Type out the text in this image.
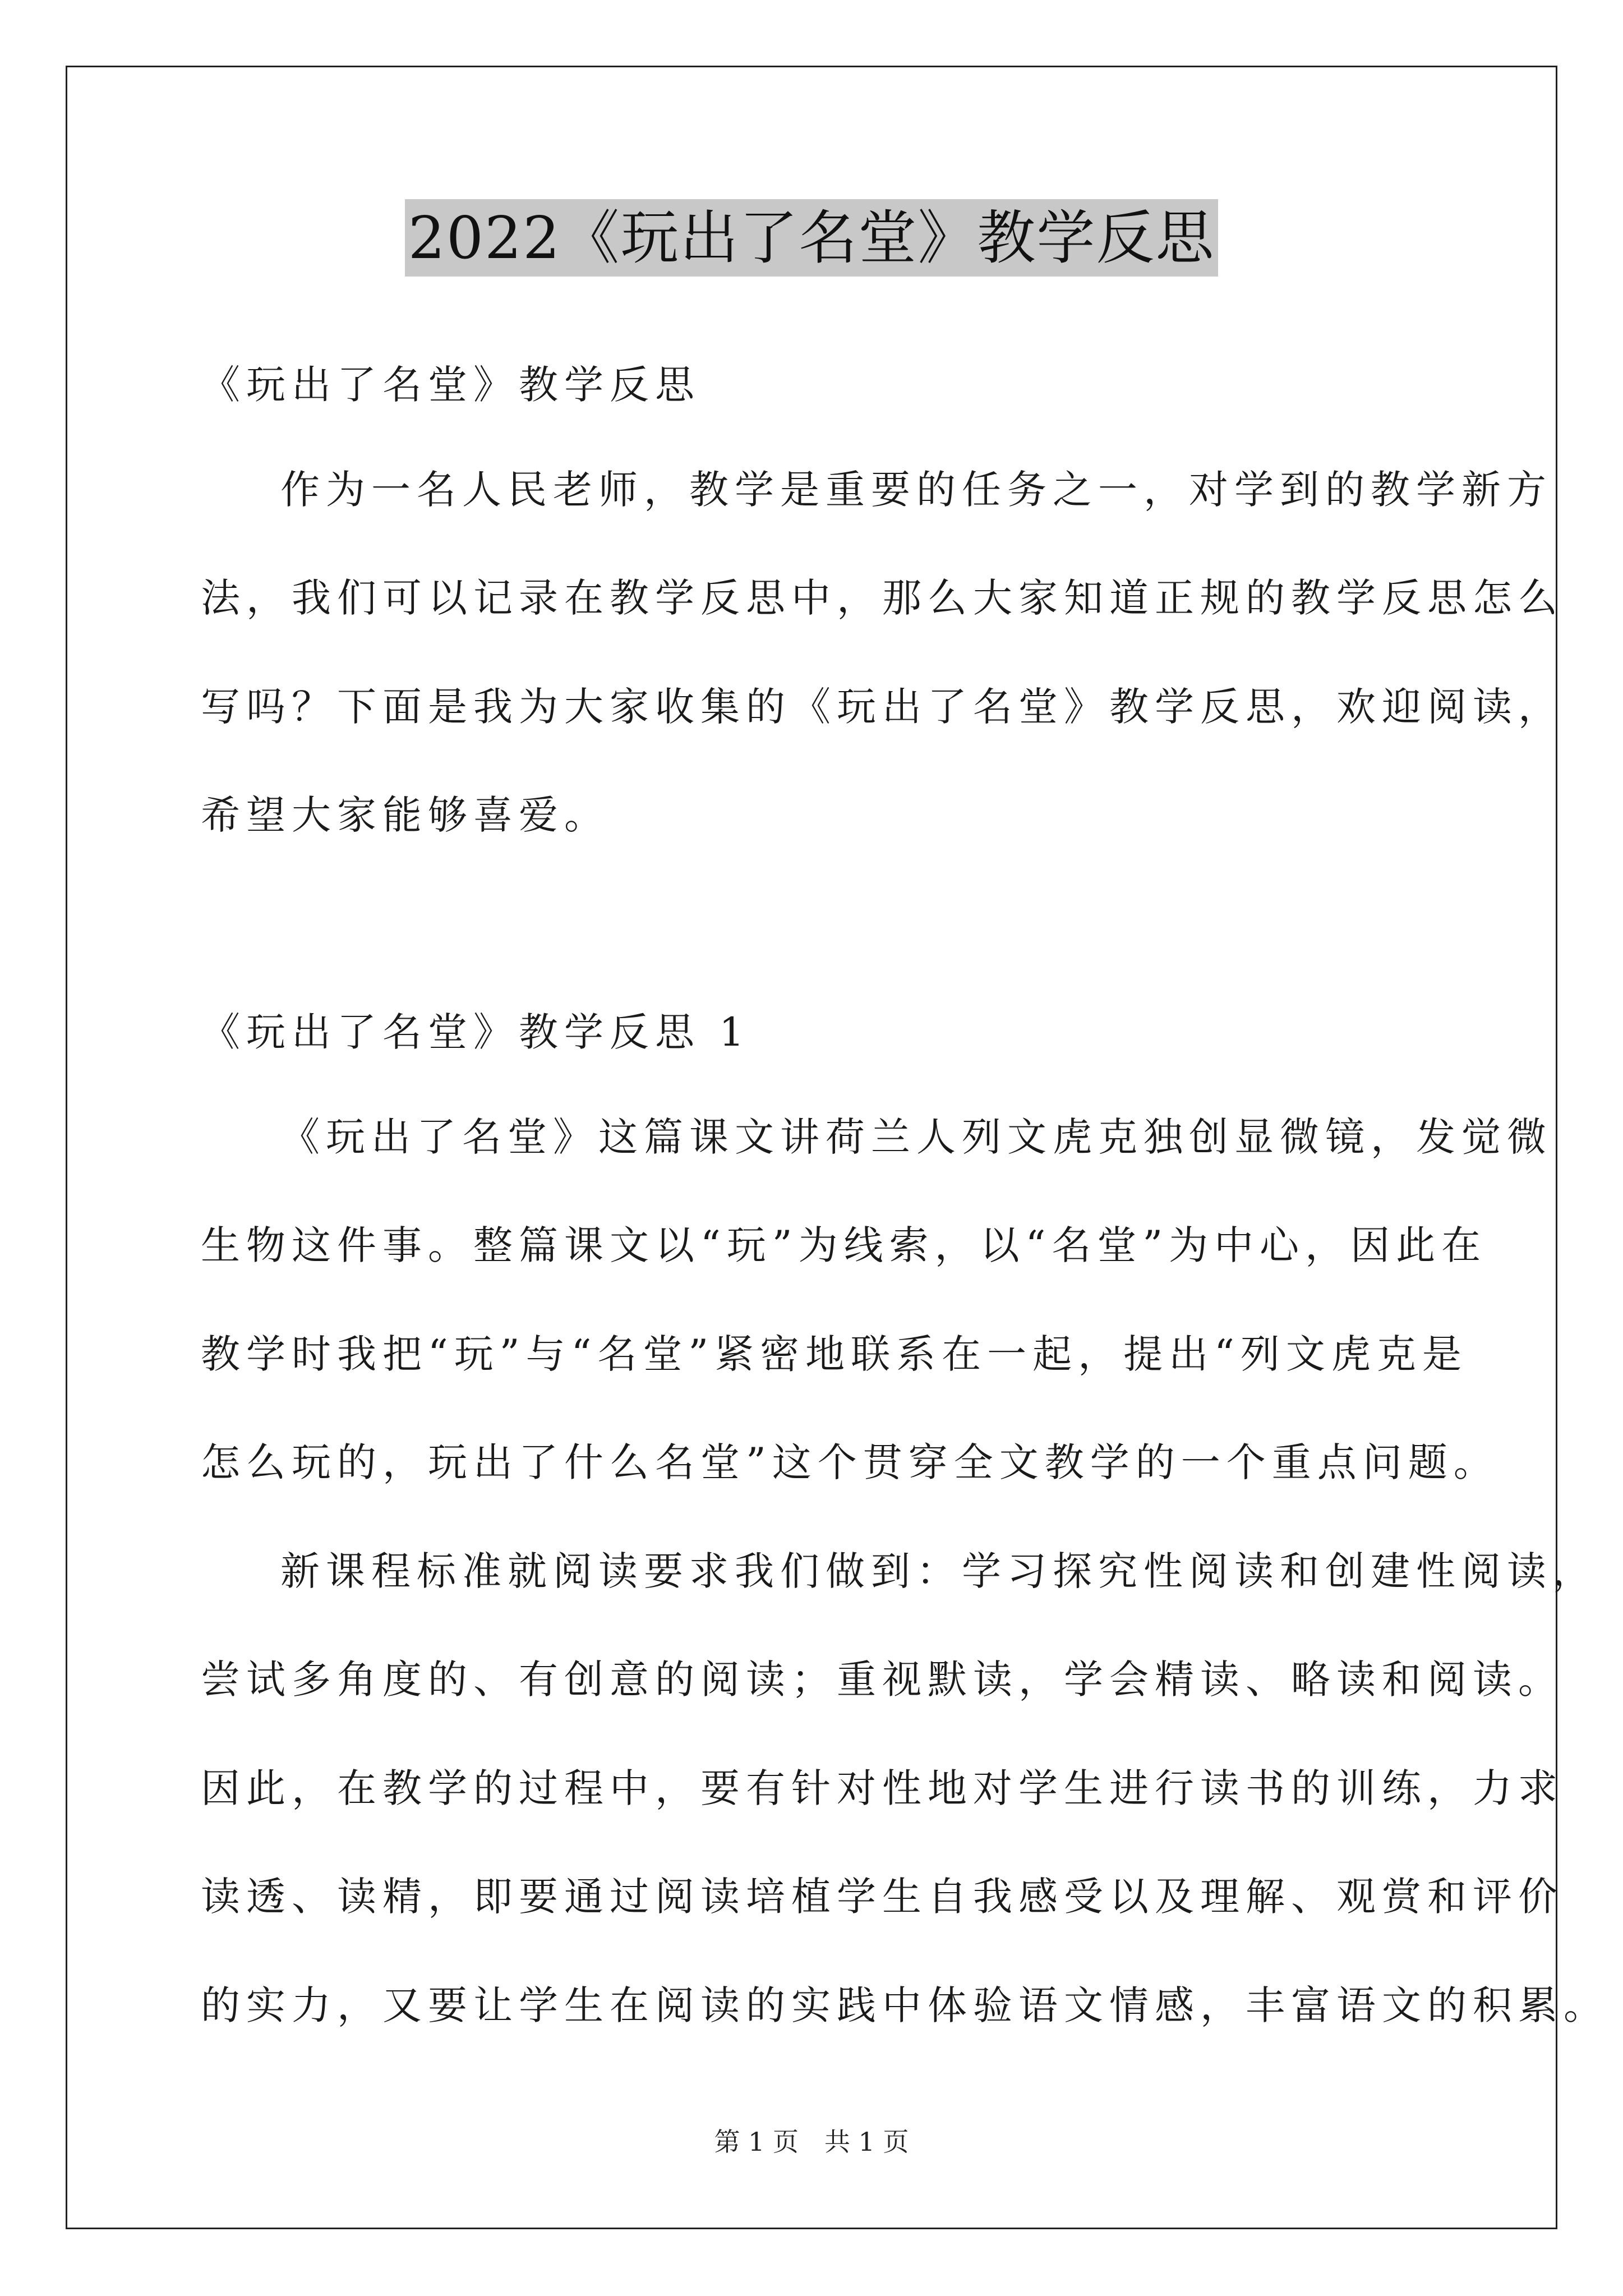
2022《玩出了名堂》教学反思
《玩出了名堂》教学反思
作为一名人民老师，教学是重要的任务之一，对学到的教学新方
法，我们可以记录在教学反思中，那么大家知道正规的教学反思怎么
写吗？下面是我为大家收集的《玩出了名堂》教学反思，欢迎阅读，
希望大家能够喜爱。
《玩出了名堂》教学反思 1
《玩出了名堂》这篇课文讲荷兰人列文虎克独创显微镜，发觉微
生物这件事。整篇课文以“玩”为线索，以“名堂”为中心，因此在
教学时我把“玩”与“名堂”紧密地联系在一起，提出“列文虎克是
怎么玩的，玩出了什么名堂”这个贯穿全文教学的一个重点问题。
新课程标准就阅读要求我们做到：学习探究性阅读和创建性阅读，
尝试多角度的、有创意的阅读；重视默读，学会精读、略读和阅读。
因此，在教学的过程中，要有针对性地对学生进行读书的训练，力求
读透、读精，即要通过阅读培植学生自我感受以及理解、观赏和评价
的实力，又要让学生在阅读的实践中体验语文情感，丰富语文的积累。
第 1 页　共 1 页
